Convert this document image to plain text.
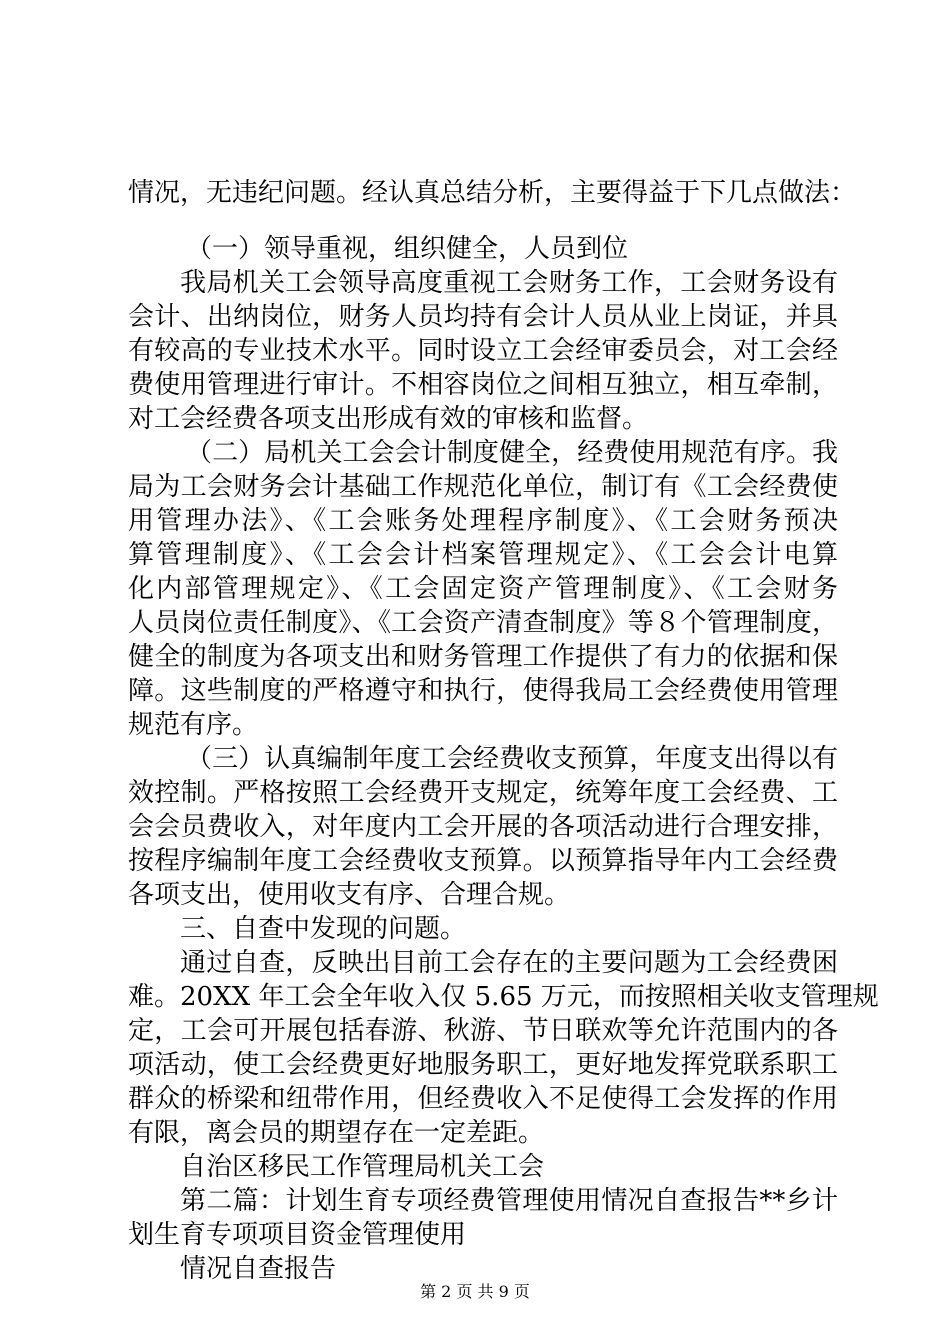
情况，无违纪问题。经认真总结分析，主要得益于下几点做法：
（一）领导重视，组织健全，人员到位
我局机关工会领导高度重视工会财务工作，工会财务设有
会计、出纳岗位，财务人员均持有会计人员从业上岗证，并具
有较高的专业技术水平。同时设立工会经审委员会，对工会经
费使用管理进行审计。不相容岗位之间相互独立，相互牵制，
对工会经费各项支出形成有效的审核和监督。
（二）局机关工会会计制度健全，经费使用规范有序。我
局为工会财务会计基础工作规范化单位，制订有《工会经费使
用管理办法》、《工会账务处理程序制度》、《工会财务预决
算管理制度》、《工会会计档案管理规定》、《工会会计电算
化内部管理规定》、《工会固定资产管理制度》、《工会财务
人员岗位责任制度》、《工会资产清查制度》等８个管理制度，
健全的制度为各项支出和财务管理工作提供了有力的依据和保
障。这些制度的严格遵守和执行，使得我局工会经费使用管理
规范有序。
（三）认真编制年度工会经费收支预算，年度支出得以有
效控制。严格按照工会经费开支规定，统筹年度工会经费、工
会会员费收入，对年度内工会开展的各项活动进行合理安排，
按程序编制年度工会经费收支预算。以预算指导年内工会经费
各项支出，使用收支有序、合理合规。
三、自查中发现的问题。
通过自查，反映出目前工会存在的主要问题为工会经费困
难。20XX 年工会全年收入仅 5.65 万元，而按照相关收支管理规
定，工会可开展包括春游、秋游、节日联欢等允许范围内的各
项活动，使工会经费更好地服务职工，更好地发挥党联系职工
群众的桥梁和纽带作用，但经费收入不足使得工会发挥的作用
有限，离会员的期望存在一定差距。
自治区移民工作管理局机关工会
第二篇：计划生育专项经费管理使用情况自查报告**乡计
划生育专项项目资金管理使用
情况自查报告
第 2 页 共 9 页
